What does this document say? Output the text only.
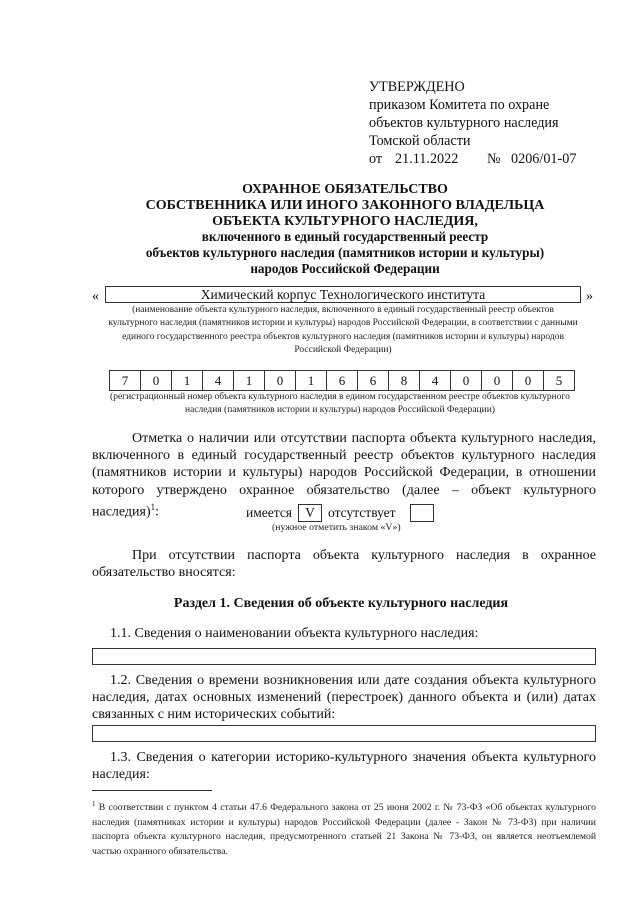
УТВЕРЖДЕНО
приказом Комитета по охране
объектов культурного наследия
Томской области
от 21.11.2022 № 0206/01-07
ОХРАННОЕ ОБЯЗАТЕЛЬСТВО
СОБСТВЕННИКА ИЛИ ИНОГО ЗАКОННОГО ВЛАДЕЛЬЦА
ОБЪЕКТА КУЛЬТУРНОГО НАСЛЕДИЯ,
включенного в единый государственный реестр
объектов культурного наследия (памятников истории и культуры)
народов Российской Федерации
«	Химический корпус Технологического института	»
(наименование объекта культурного наследия, включенного в единый государственный реестр объектов культурного наследия (памятников истории и культуры) народов Российской Федерации, в соответствии с данными единого государственного реестра объектов культурного наследия (памятников истории и культуры) народов Российской Федерации)
7	0	1	4	1	0	1	6	6	8	4	0	0	0	5
(регистрационный номер объекта культурного наследия в едином государственном реестре объектов культурного наследия (памятников истории и культуры) народов Российской Федерации)
Отметка о наличии или отсутствии паспорта объекта культурного наследия, включенного в единый государственный реестр объектов культурного наследия (памятников истории и культуры) народов Российской Федерации, в отношении которого утверждено охранное обязательство (далее – объект культурного наследия)$^1$:	имеется V отсутствует
(нужное отметить знаком «V»)
При отсутствии паспорта объекта культурного наследия в охранное обязательство вносятся:
Раздел 1. Сведения об объекте культурного наследия
1.1. Сведения о наименовании объекта культурного наследия:
1.2. Сведения о времени возникновения или дате создания объекта культурного наследия, датах основных изменений (перестроек) данного объекта и (или) датах связанных с ним исторических событий:
1.3. Сведения о категории историко-культурного значения объекта культурного наследия:
$^1$ В соответствии с пунктом 4 статьи 47.6 Федерального закона от 25 июня 2002 г. № 73-ФЗ «Об объектах культурного наследия (памятниках истории и культуры) народов Российской Федерации (далее - Закон № 73-ФЗ) при наличии паспорта объекта культурного наследия, предусмотренного статьей 21 Закона № 73-ФЗ, он является неотъемлемой частью охранного обязательства.
